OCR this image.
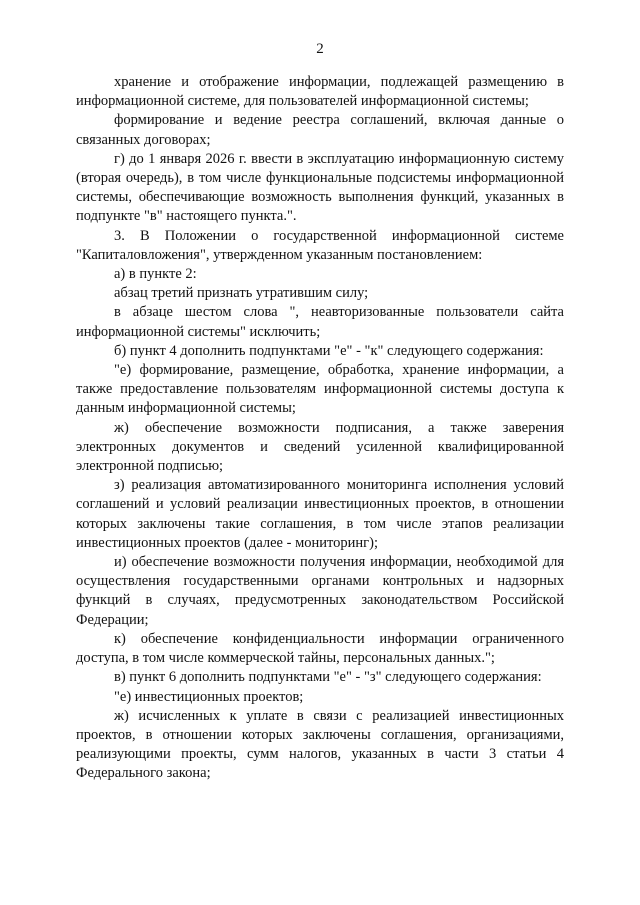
2

хранение и отображение информации, подлежащей размещению в информационной системе, для пользователей информационной системы;

формирование и ведение реестра соглашений, включая данные о связанных договорах;

г) до 1 января 2026 г. ввести в эксплуатацию информационную систему (вторая очередь), в том числе функциональные подсистемы информационной системы, обеспечивающие возможность выполнения функций, указанных в подпункте "в" настоящего пункта.".

3. В Положении о государственной информационной системе "Капиталовложения", утвержденном указанным постановлением:

а) в пункте 2:

абзац третий признать утратившим силу;

в абзаце шестом слова ", неавторизованные пользователи сайта информационной системы" исключить;

б) пункт 4 дополнить подпунктами "е" - "к" следующего содержания:

"е) формирование, размещение, обработка, хранение информации, а также предоставление пользователям информационной системы доступа к данным информационной системы;

ж) обеспечение возможности подписания, а также заверения электронных документов и сведений усиленной квалифицированной электронной подписью;

з) реализация автоматизированного мониторинга исполнения условий соглашений и условий реализации инвестиционных проектов, в отношении которых заключены такие соглашения, в том числе этапов реализации инвестиционных проектов (далее - мониторинг);

и) обеспечение возможности получения информации, необходимой для осуществления государственными органами контрольных и надзорных функций в случаях, предусмотренных законодательством Российской Федерации;

к) обеспечение конфиденциальности информации ограниченного доступа, в том числе коммерческой тайны, персональных данных.";

в) пункт 6 дополнить подпунктами "е" - "з" следующего содержания:

"е) инвестиционных проектов;

ж) исчисленных к уплате в связи с реализацией инвестиционных проектов, в отношении которых заключены соглашения, организациями, реализующими проекты, сумм налогов, указанных в части 3 статьи 4 Федерального закона;
